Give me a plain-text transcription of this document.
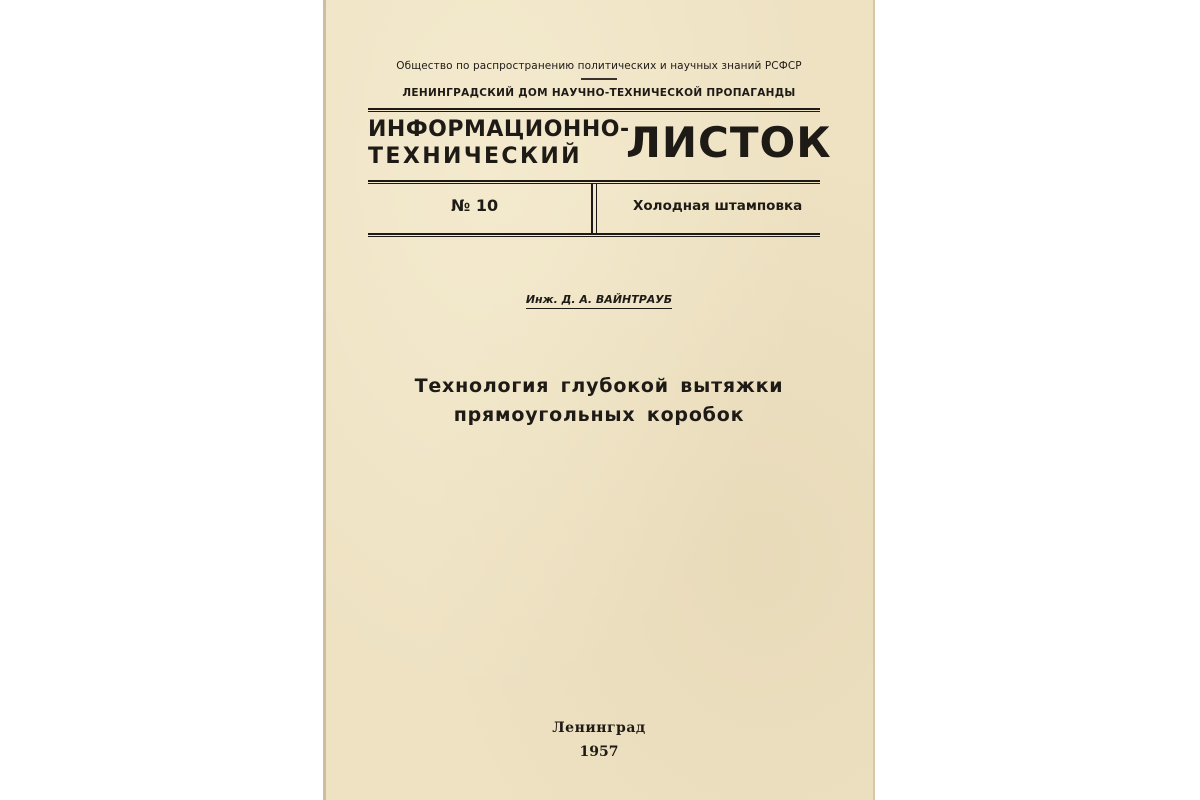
Общество по распространению политических и научных знаний РСФСР
ЛЕНИНГРАДСКИЙ ДОМ НАУЧНО-ТЕХНИЧЕСКОЙ ПРОПАГАНДЫ
ИНФОРМАЦИОННО-
ТЕХНИЧЕСКИЙ	ЛИСТОК
№ 10	Холодная штамповка
Инж. Д. А. ВАЙНТРАУБ
Технология глубокой вытяжки
прямоугольных коробок
Ленинград
1957
